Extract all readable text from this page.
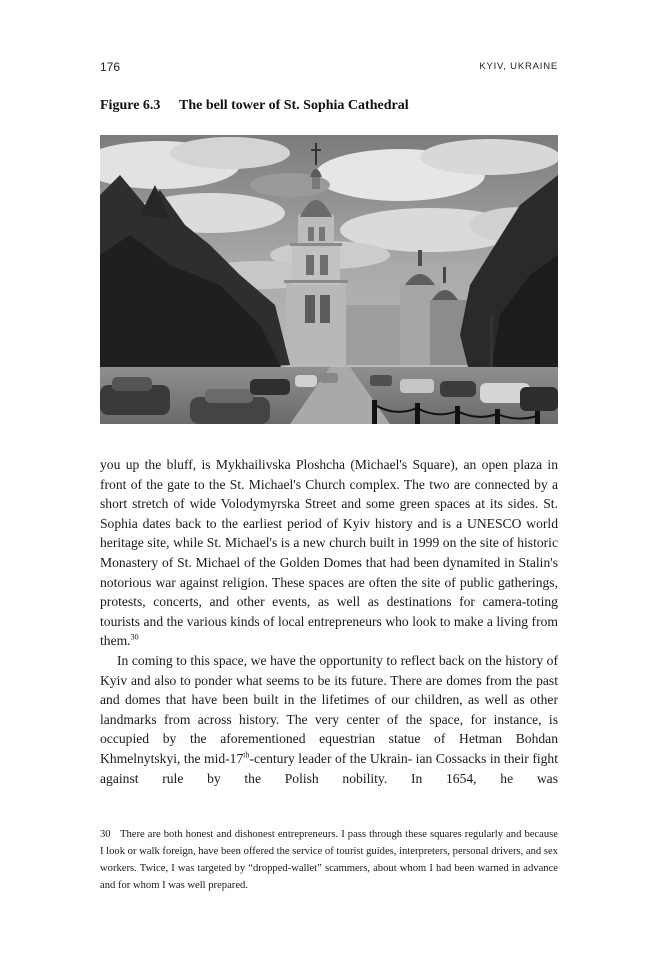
176	KYIV, UKRAINE
Figure 6.3 The bell tower of St. Sophia Cathedral

you up the bluff, is Mykhailivska Ploshcha (Michael's Square), an open plaza in front of the gate to the St. Michael's Church complex. The two are connected by a short stretch of wide Volodymyrska Street and some green spaces at its sides. St. Sophia dates back to the earliest period of Kyiv history and is a UNESCO world heritage site, while St. Michael's is a new church built in 1999 on the site of historic Monastery of St. Michael of the Golden Domes that had been dynamited in Stalin's notorious war against religion. These spaces are often the site of public gatherings, protests, concerts, and other events, as well as destinations for camera-toting tourists and the various kinds of local entrepreneurs who look to make a living from them.$^{30}$

In coming to this space, we have the opportunity to reflect back on the history of Kyiv and also to ponder what seems to be its future. There are domes from the past and domes that have been built in the lifetimes of our children, as well as other landmarks from across history. The very center of the space, for instance, is occupied by the aforementioned equestrian statue of Hetman Bohdan Khmelnytskyi, the mid-17th-century leader of the Ukrain- ian Cossacks in their fight against rule by the Polish nobility. In 1654, he was

30 There are both honest and dishonest entrepreneurs. I pass through these squares regularly and because I look or walk foreign, have been offered the service of tourist guides, interpreters, personal drivers, and sex workers. Twice, I was targeted by “dropped-wallet” scammers, about whom I had been warned in advance and for whom I was well prepared.
